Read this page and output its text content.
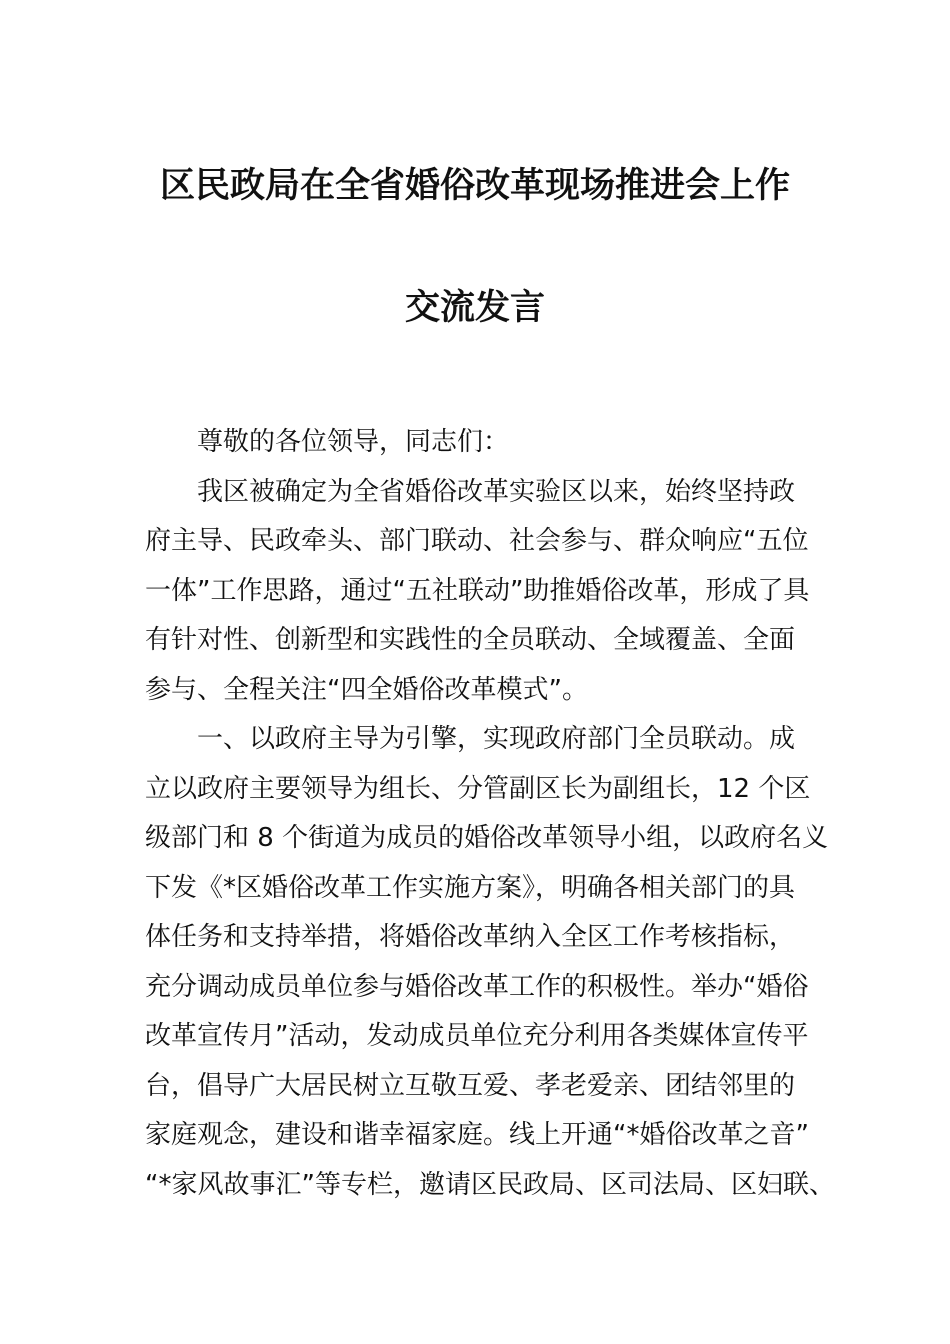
区民政局在全省婚俗改革现场推进会上作
交流发言
尊敬的各位领导，同志们：
我区被确定为全省婚俗改革实验区以来，始终坚持政
府主导、民政牵头、部门联动、社会参与、群众响应“五位
一体”工作思路，通过“五社联动”助推婚俗改革，形成了具
有针对性、创新型和实践性的全员联动、全域覆盖、全面
参与、全程关注“四全婚俗改革模式”。
一、以政府主导为引擎，实现政府部门全员联动。成
立以政府主要领导为组长、分管副区长为副组长，12 个区
级部门和 8 个街道为成员的婚俗改革领导小组，以政府名义
下发《*区婚俗改革工作实施方案》，明确各相关部门的具
体任务和支持举措，将婚俗改革纳入全区工作考核指标，
充分调动成员单位参与婚俗改革工作的积极性。举办“婚俗
改革宣传月”活动，发动成员单位充分利用各类媒体宣传平
台，倡导广大居民树立互敬互爱、孝老爱亲、团结邻里的
家庭观念，建设和谐幸福家庭。线上开通“*婚俗改革之音”
“*家风故事汇”等专栏，邀请区民政局、区司法局、区妇联、
